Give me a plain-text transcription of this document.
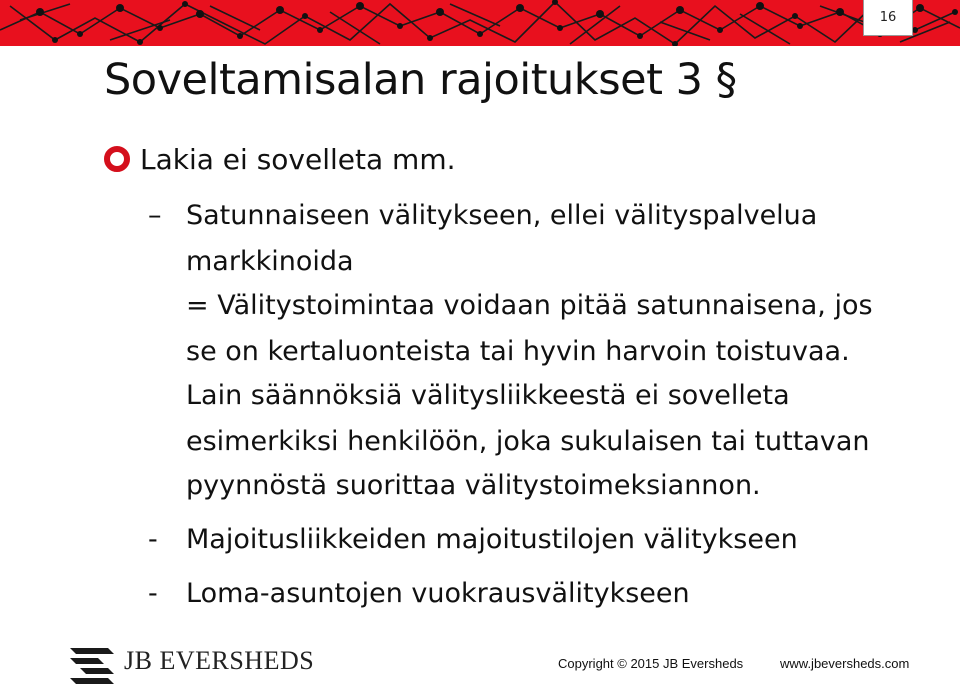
16
Soveltamisalan rajoitukset 3 §
Lakia ei sovelleta mm.
– Satunnaiseen välitykseen, ellei välityspalvelua
markkinoida
= Välitystoimintaa voidaan pitää satunnaisena, jos
se on kertaluonteista tai hyvin harvoin toistuvaa.
Lain säännöksiä välitysliikkeestä ei sovelleta
esimerkiksi henkilöön, joka sukulaisen tai tuttavan
pyynnöstä suorittaa välitystoimeksiannon.
- Majoitusliikkeiden majoitustilojen välitykseen
- Loma-asuntojen vuokrausvälitykseen
JB EVERSHEDS	Copyright © 2015 JB Eversheds	www.jbeversheds.com
